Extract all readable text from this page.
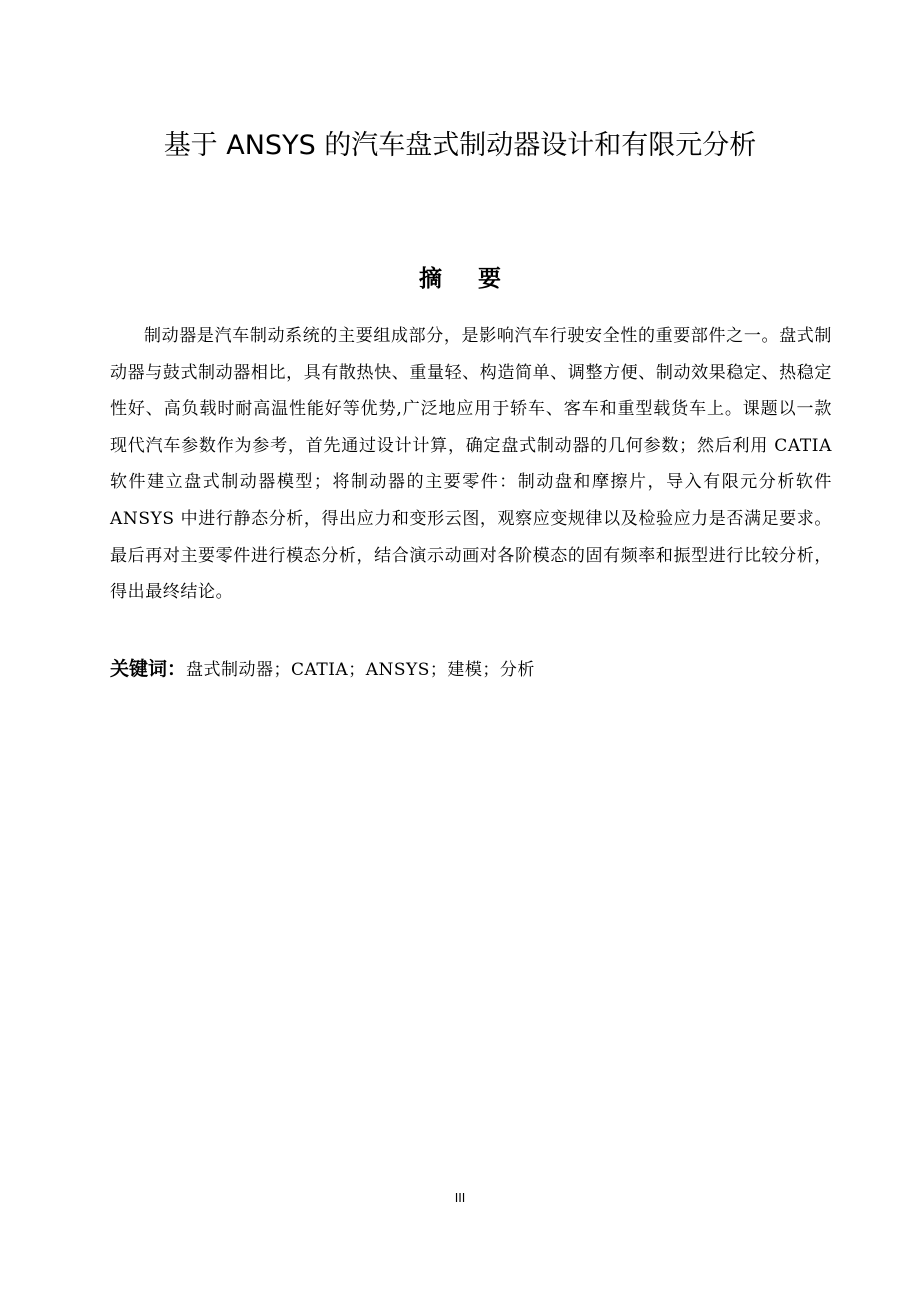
基于 ANSYS 的汽车盘式制动器设计和有限元分析
摘 要

制动器是汽车制动系统的主要组成部分，是影响汽车行驶安全性的重要部件之一。盘式制动器与鼓式制动器相比，具有散热快、重量轻、构造简单、调整方便、制动效果稳定、热稳定性好、高负载时耐高温性能好等优势,广泛地应用于轿车、客车和重型载货车上。课题以一款现代汽车参数作为参考，首先通过设计计算，确定盘式制动器的几何参数；然后利用 CATIA 软件建立盘式制动器模型；将制动器的主要零件：制动盘和摩擦片，导入有限元分析软件 ANSYS 中进行静态分析，得出应力和变形云图，观察应变规律以及检验应力是否满足要求。最后再对主要零件进行模态分析，结合演示动画对各阶模态的固有频率和振型进行比较分析，得出最终结论。

关键词：盘式制动器；CATIA；ANSYS；建模；分析
III
